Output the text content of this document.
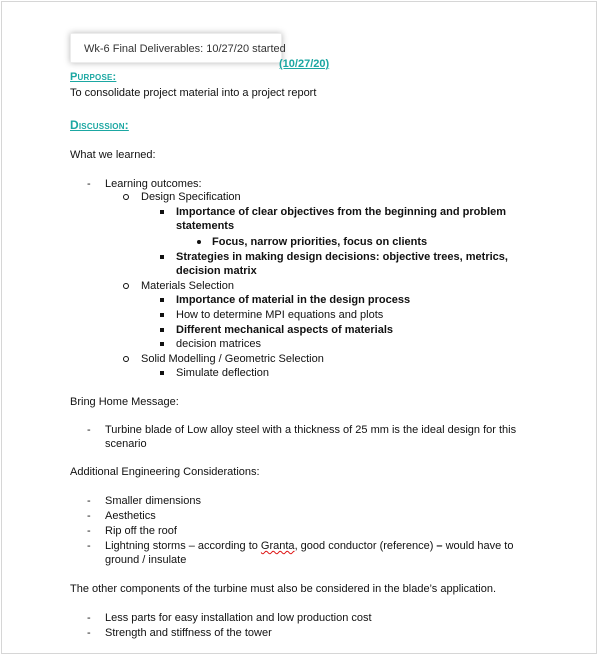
Wk-6 Final Deliverables: 10/27/20 started
(10/27/20)
Purpose:
To consolidate project material into a project report
Discussion:
What we learned:
- Learning outcomes:
Design Specification
Importance of clear objectives from the beginning and problem
statements
Focus, narrow priorities, focus on clients
Strategies in making design decisions: objective trees, metrics,
decision matrix
Materials Selection
Importance of material in the design process
How to determine MPI equations and plots
Different mechanical aspects of materials
decision matrices
Solid Modelling / Geometric Selection
Simulate deflection
Bring Home Message:
- Turbine blade of Low alloy steel with a thickness of 25 mm is the ideal design for this
scenario
Additional Engineering Considerations:
- Smaller dimensions
- Aesthetics
- Rip off the roof
- Lightning storms – according to Granta, good conductor (reference) – would have to
ground / insulate
The other components of the turbine must also be considered in the blade’s application.
- Less parts for easy installation and low production cost
- Strength and stiffness of the tower
